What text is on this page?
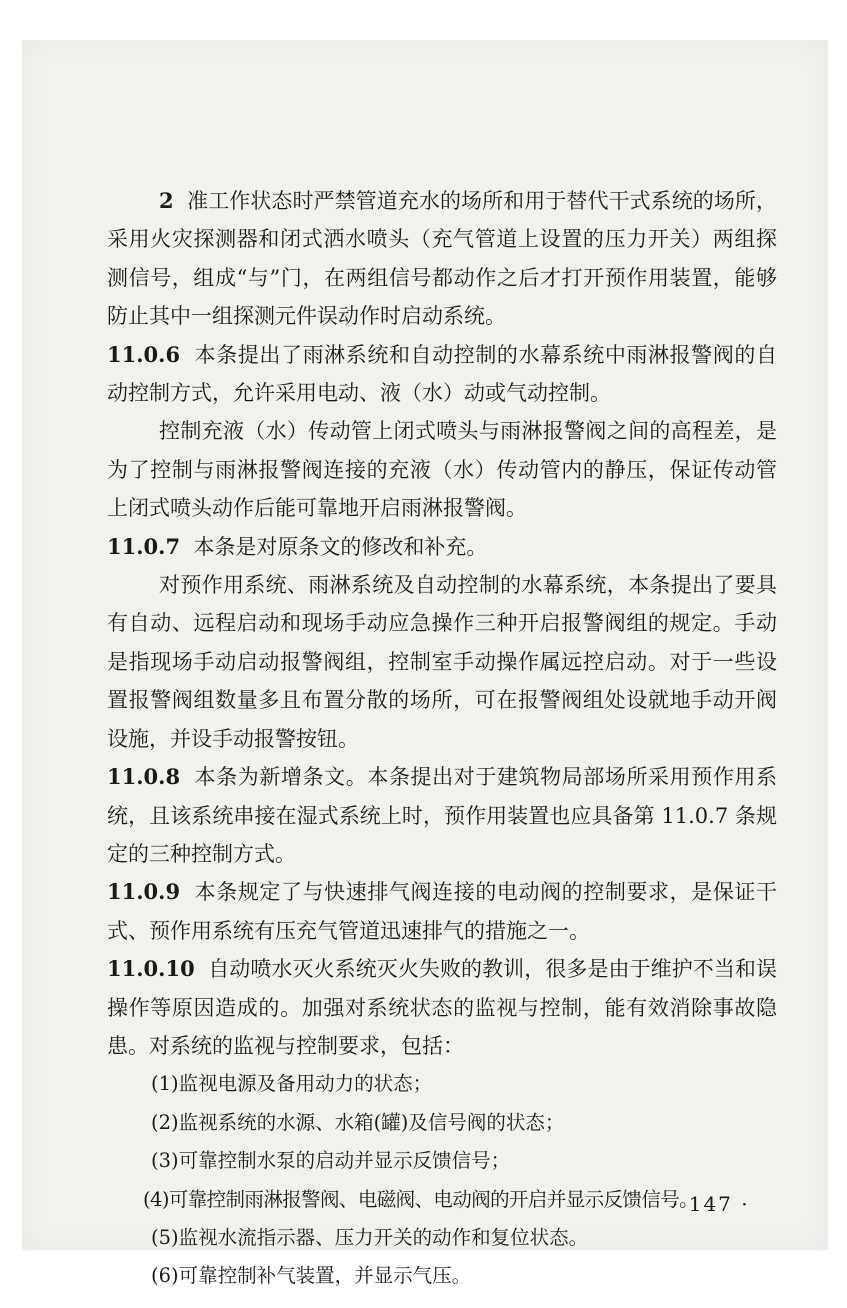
2 准工作状态时严禁管道充水的场所和用于替代干式系统的场所，采用火灾探测器和闭式洒水喷头（充气管道上设置的压力开关）两组探测信号，组成“与”门，在两组信号都动作之后才打开预作用装置，能够防止其中一组探测元件误动作时启动系统。

11.0.6 本条提出了雨淋系统和自动控制的水幕系统中雨淋报警阀的自动控制方式，允许采用电动、液（水）动或气动控制。

控制充液（水）传动管上闭式喷头与雨淋报警阀之间的高程差，是为了控制与雨淋报警阀连接的充液（水）传动管内的静压，保证传动管上闭式喷头动作后能可靠地开启雨淋报警阀。

11.0.7 本条是对原条文的修改和补充。

对预作用系统、雨淋系统及自动控制的水幕系统，本条提出了要具有自动、远程启动和现场手动应急操作三种开启报警阀组的规定。手动是指现场手动启动报警阀组，控制室手动操作属远控启动。对于一些设置报警阀组数量多且布置分散的场所，可在报警阀组处设就地手动开阀设施，并设手动报警按钮。

11.0.8 本条为新增条文。本条提出对于建筑物局部场所采用预作用系统，且该系统串接在湿式系统上时，预作用装置也应具备第 11.0.7 条规定的三种控制方式。

11.0.9 本条规定了与快速排气阀连接的电动阀的控制要求，是保证干式、预作用系统有压充气管道迅速排气的措施之一。

11.0.10 自动喷水灭火系统灭火失败的教训，很多是由于维护不当和误操作等原因造成的。加强对系统状态的监视与控制，能有效消除事故隐患。对系统的监视与控制要求，包括：

(1)监视电源及备用动力的状态；

(2)监视系统的水源、水箱(罐)及信号阀的状态；

(3)可靠控制水泵的启动并显示反馈信号；

(4)可靠控制雨淋报警阀、电磁阀、电动阀的开启并显示反馈信号。

(5)监视水流指示器、压力开关的动作和复位状态。

(6)可靠控制补气装置，并显示气压。

· 147 ·
